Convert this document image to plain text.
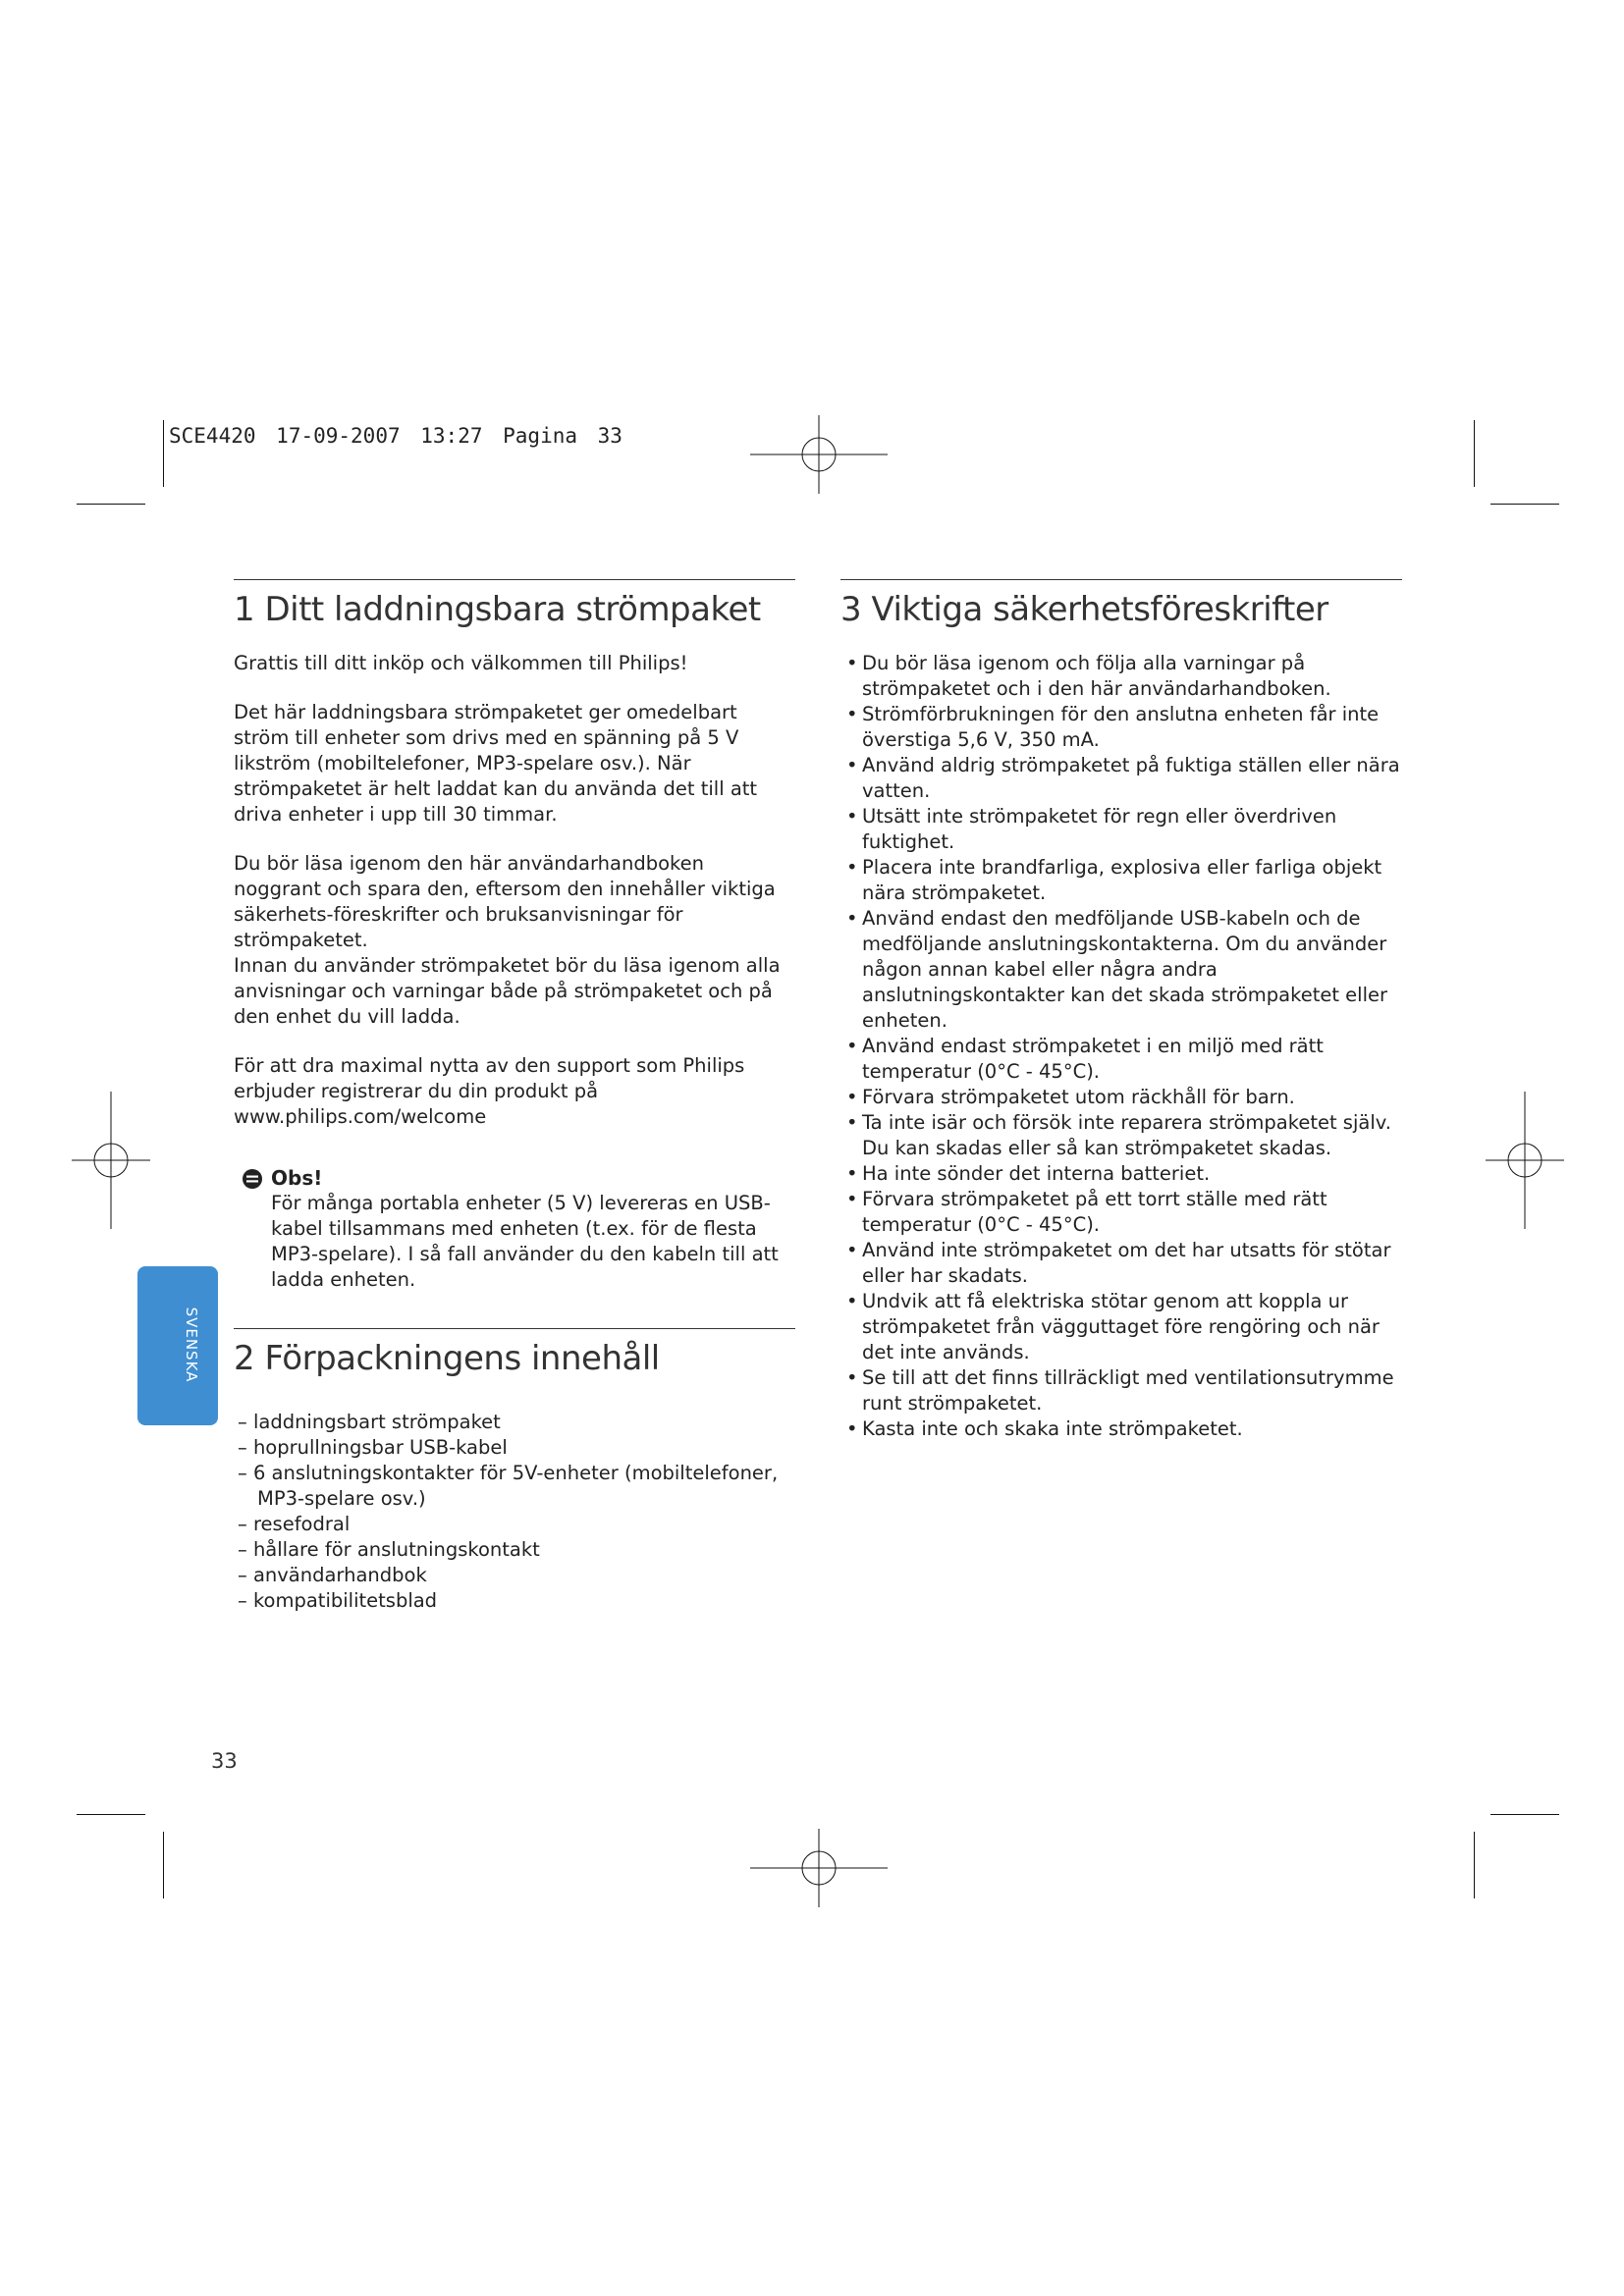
SCE4420 17-09-2007 13:27 Pagina 33
SVENSKA
1 Ditt laddningsbara strömpaket

Grattis till ditt inköp och välkommen till Philips!

Det här laddningsbara strömpaketet ger omedelbart ström till enheter som drivs med en spänning på 5 V likström (mobiltelefoner, MP3-spelare osv.). När strömpaketet är helt laddat kan du använda det till att driva enheter i upp till 30 timmar.

Du bör läsa igenom den här användarhandboken noggrant och spara den, eftersom den innehåller viktiga säkerhets-föreskrifter och bruksanvisningar för strömpaketet.

Innan du använder strömpaketet bör du läsa igenom alla anvisningar och varningar både på strömpaketet och på den enhet du vill ladda.

För att dra maximal nytta av den support som Philips erbjuder registrerar du din produkt på

www.philips.com/welcome

Obs!

För många portabla enheter (5 V) levereras en USB-kabel tillsammans med enheten (t.ex. för de flesta MP3-spelare). I så fall använder du den kabeln till att ladda enheten.

2 Förpackningens innehåll
– laddningsbart strömpaket
– hoprullningsbar USB-kabel
– 6 anslutningskontakter för 5V-enheter (mobiltelefoner, MP3-spelare osv.)
– resefodral
– hållare för anslutningskontakt
– användarhandbok
– kompatibilitetsblad
3 Viktiga säkerhetsföreskrifter
• Du bör läsa igenom och följa alla varningar på strömpaketet och i den här användarhandboken.
• Strömförbrukningen för den anslutna enheten får inte överstiga 5,6 V, 350 mA.
• Använd aldrig strömpaketet på fuktiga ställen eller nära vatten.
• Utsätt inte strömpaketet för regn eller överdriven fuktighet.
• Placera inte brandfarliga, explosiva eller farliga objekt nära strömpaketet.
• Använd endast den medföljande USB-kabeln och de medföljande anslutningskontakterna. Om du använder någon annan kabel eller några andra anslutningskontakter kan det skada strömpaketet eller enheten.
• Använd endast strömpaketet i en miljö med rätt temperatur (0°C - 45°C).
• Förvara strömpaketet utom räckhåll för barn.
• Ta inte isär och försök inte reparera strömpaketet själv. Du kan skadas eller så kan strömpaketet skadas.
• Ha inte sönder det interna batteriet.
• Förvara strömpaketet på ett torrt ställe med rätt temperatur (0°C - 45°C).
• Använd inte strömpaketet om det har utsatts för stötar eller har skadats.
• Undvik att få elektriska stötar genom att koppla ur strömpaketet från vägguttaget före rengöring och när det inte används.
• Se till att det finns tillräckligt med ventilationsutrymme runt strömpaketet.
• Kasta inte och skaka inte strömpaketet.
33
